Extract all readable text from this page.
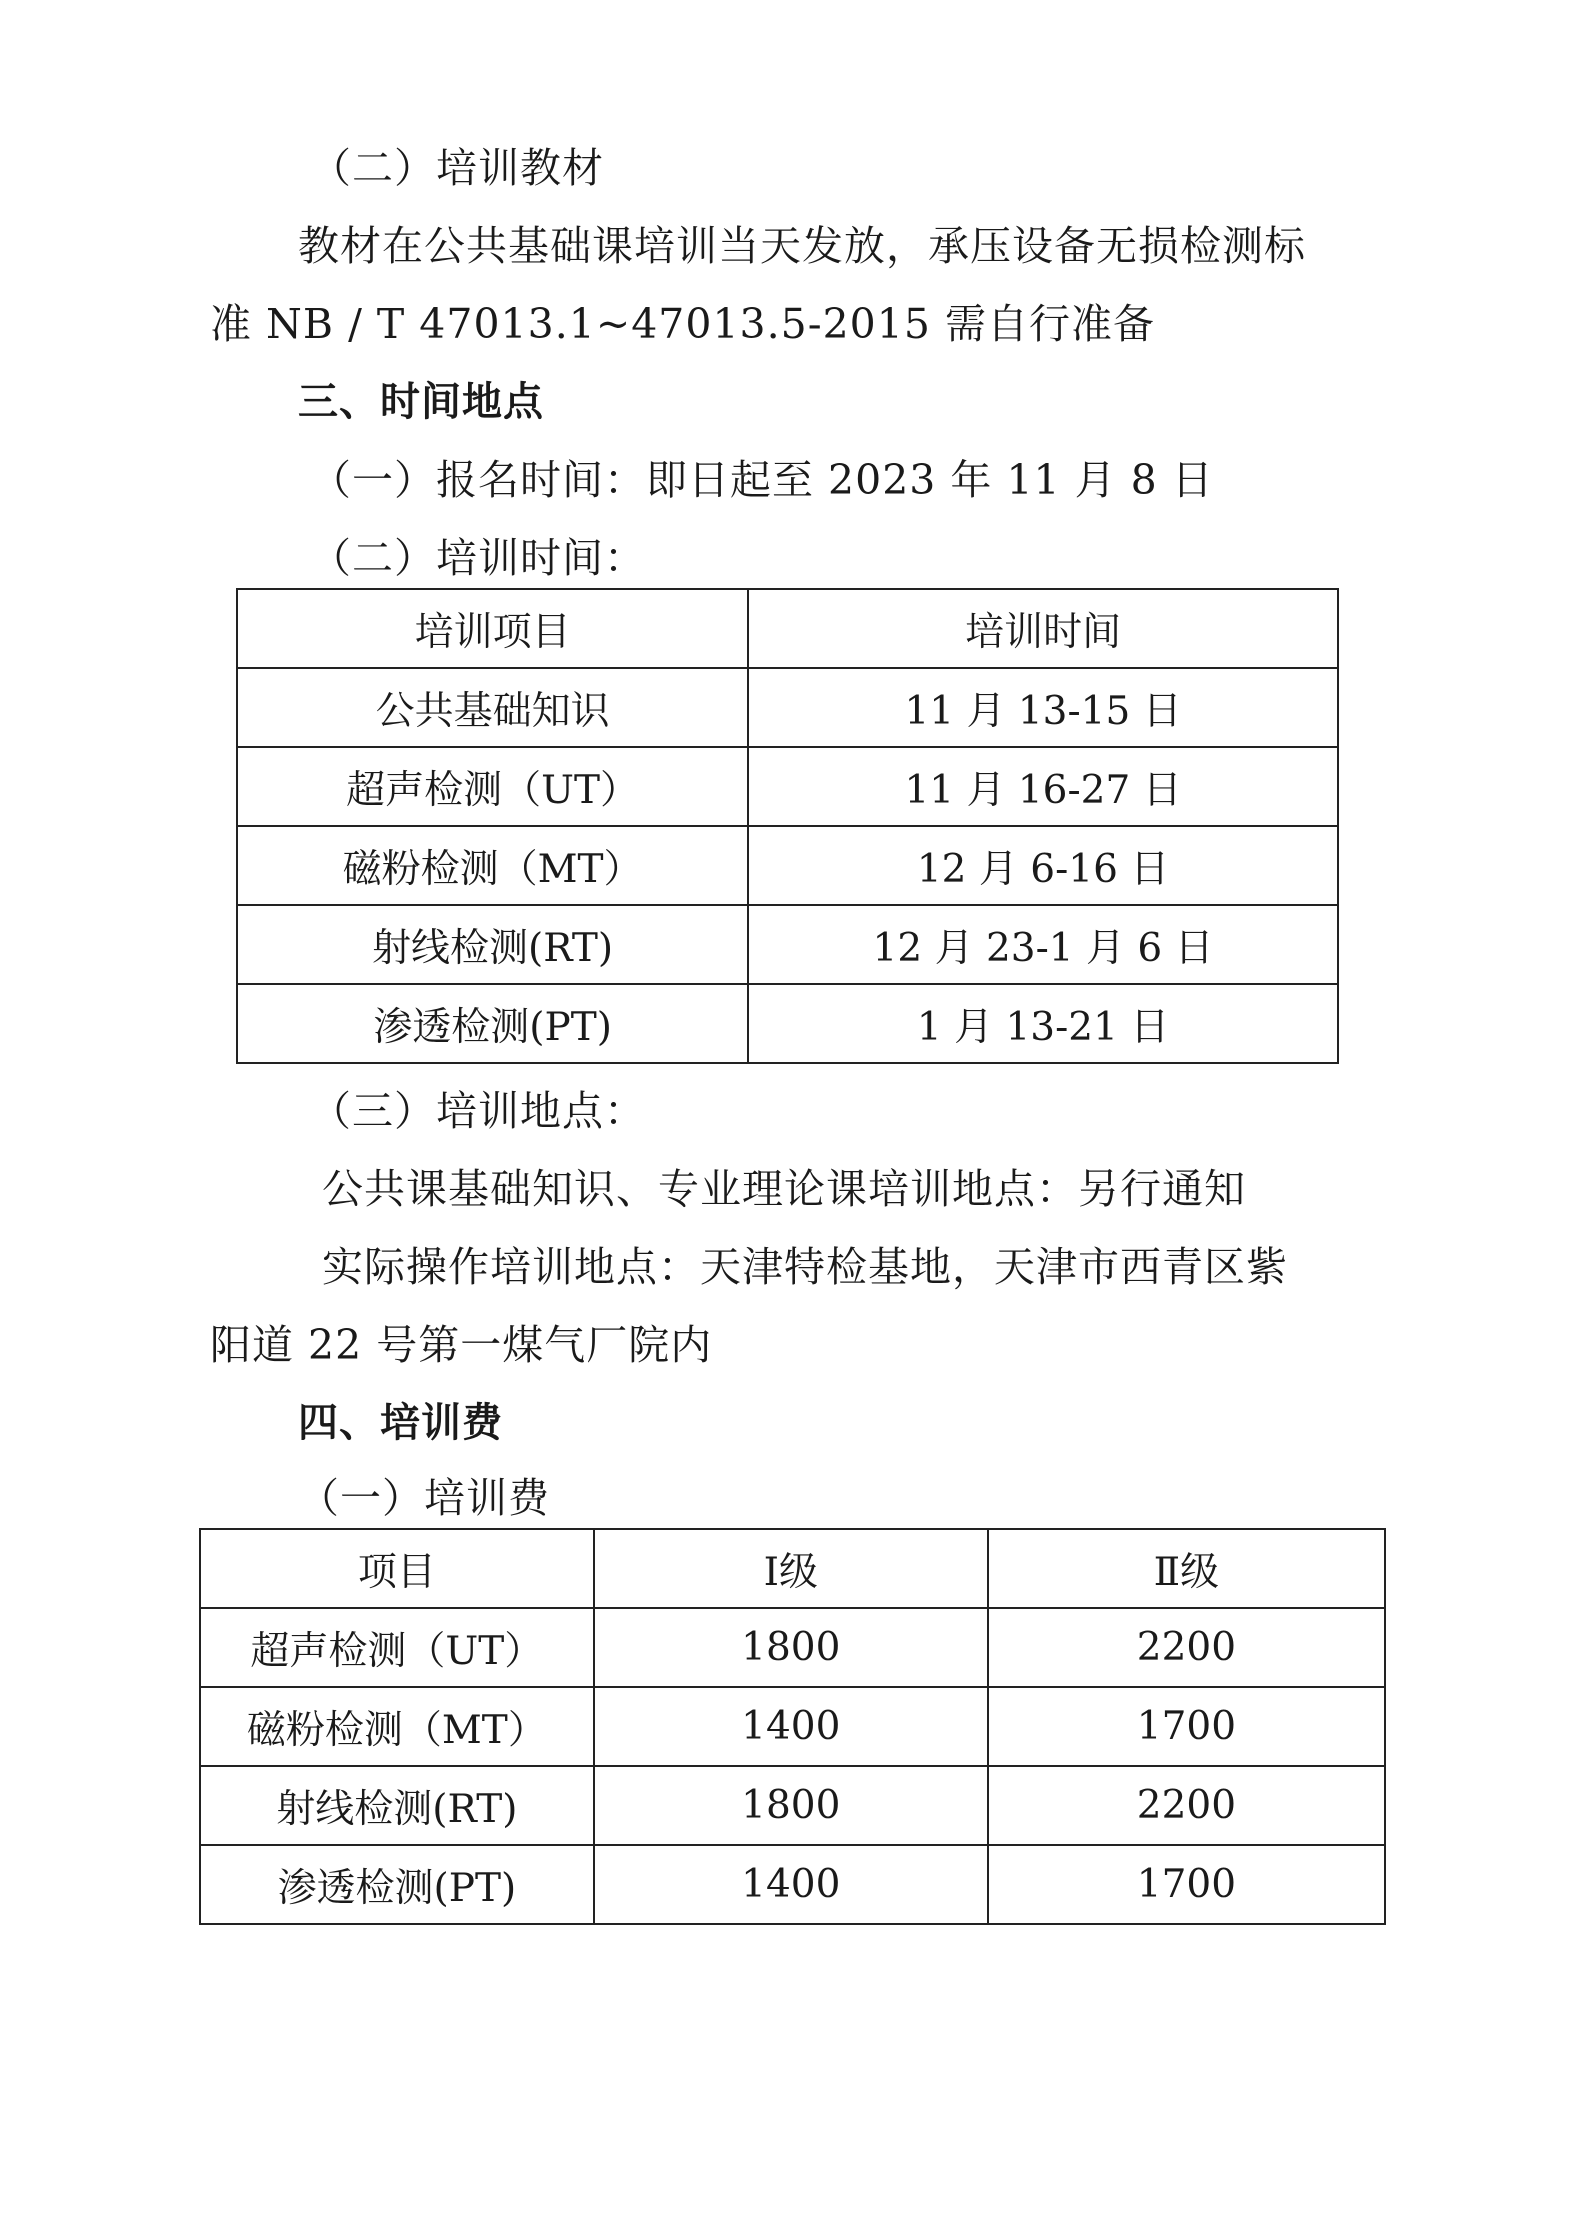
（二）培训教材
教材在公共基础课培训当天发放，承压设备无损检测标
准 NB / T 47013.1~47013.5-2015 需自行准备
三、时间地点
（一）报名时间：即日起至 2023 年 11 月 8 日
（二）培训时间：
培训项目	培训时间
公共基础知识	11 月 13-15 日
超声检测（UT）	11 月 16-27 日
磁粉检测（MT）	12 月 6-16 日
射线检测(RT)	12 月 23-1 月 6 日
渗透检测(PT)	1 月 13-21 日
（三）培训地点：
公共课基础知识、专业理论课培训地点：另行通知
实际操作培训地点：天津特检基地，天津市西青区紫
阳道 22 号第一煤气厂院内
四、培训费
（一）培训费
项目	Ⅰ级	Ⅱ级
超声检测（UT）	1800	2200
磁粉检测（MT）	1400	1700
射线检测(RT)	1800	2200
渗透检测(PT)	1400	1700
